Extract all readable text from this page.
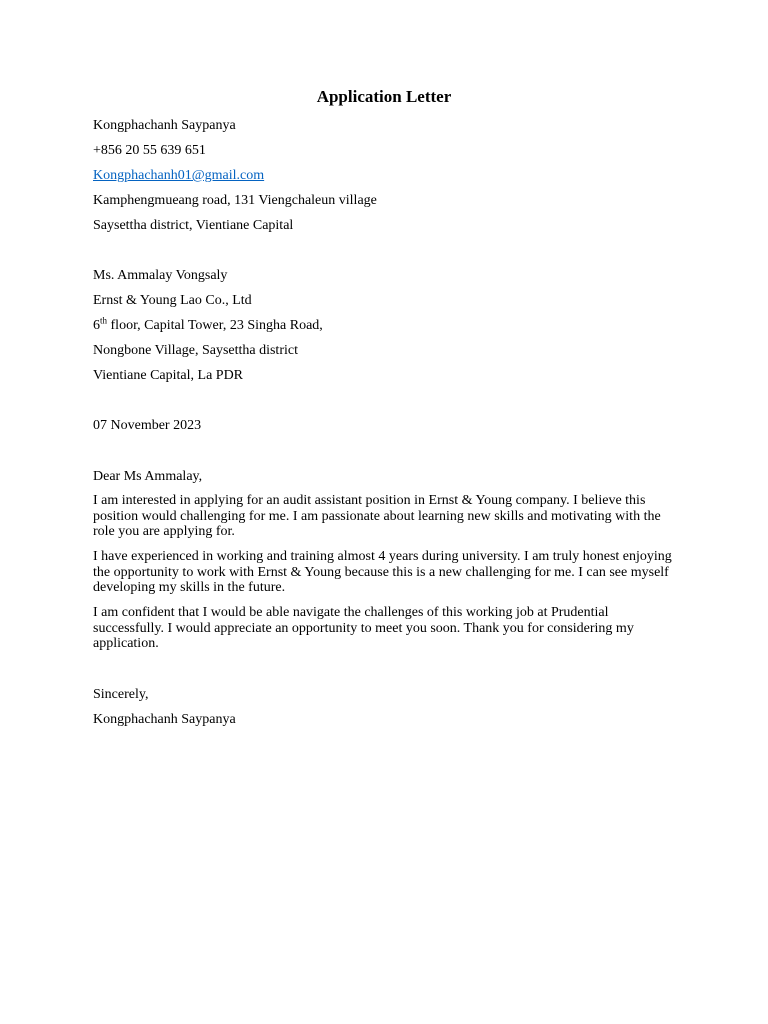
Application Letter
Kongphachanh Saypanya
+856 20 55 639 651
Kongphachanh01@gmail.com
Kamphengmueang road, 131 Viengchaleun village
Saysettha district, Vientiane Capital
Ms. Ammalay Vongsaly
Ernst & Young Lao Co., Ltd
6th floor, Capital Tower, 23 Singha Road,
Nongbone Village, Saysettha district
Vientiane Capital, La PDR
07 November 2023
Dear Ms Ammalay,
I am interested in applying for an audit assistant position in Ernst & Young company. I believe this position would challenging for me. I am passionate about learning new skills and motivating with the role you are applying for.
I have experienced in working and training almost 4 years during university. I am truly honest enjoying the opportunity to work with Ernst & Young because this is a new challenging for me. I can see myself developing my skills in the future.
I am confident that I would be able navigate the challenges of this working job at Prudential successfully. I would appreciate an opportunity to meet you soon. Thank you for considering my application.
Sincerely,
Kongphachanh Saypanya
